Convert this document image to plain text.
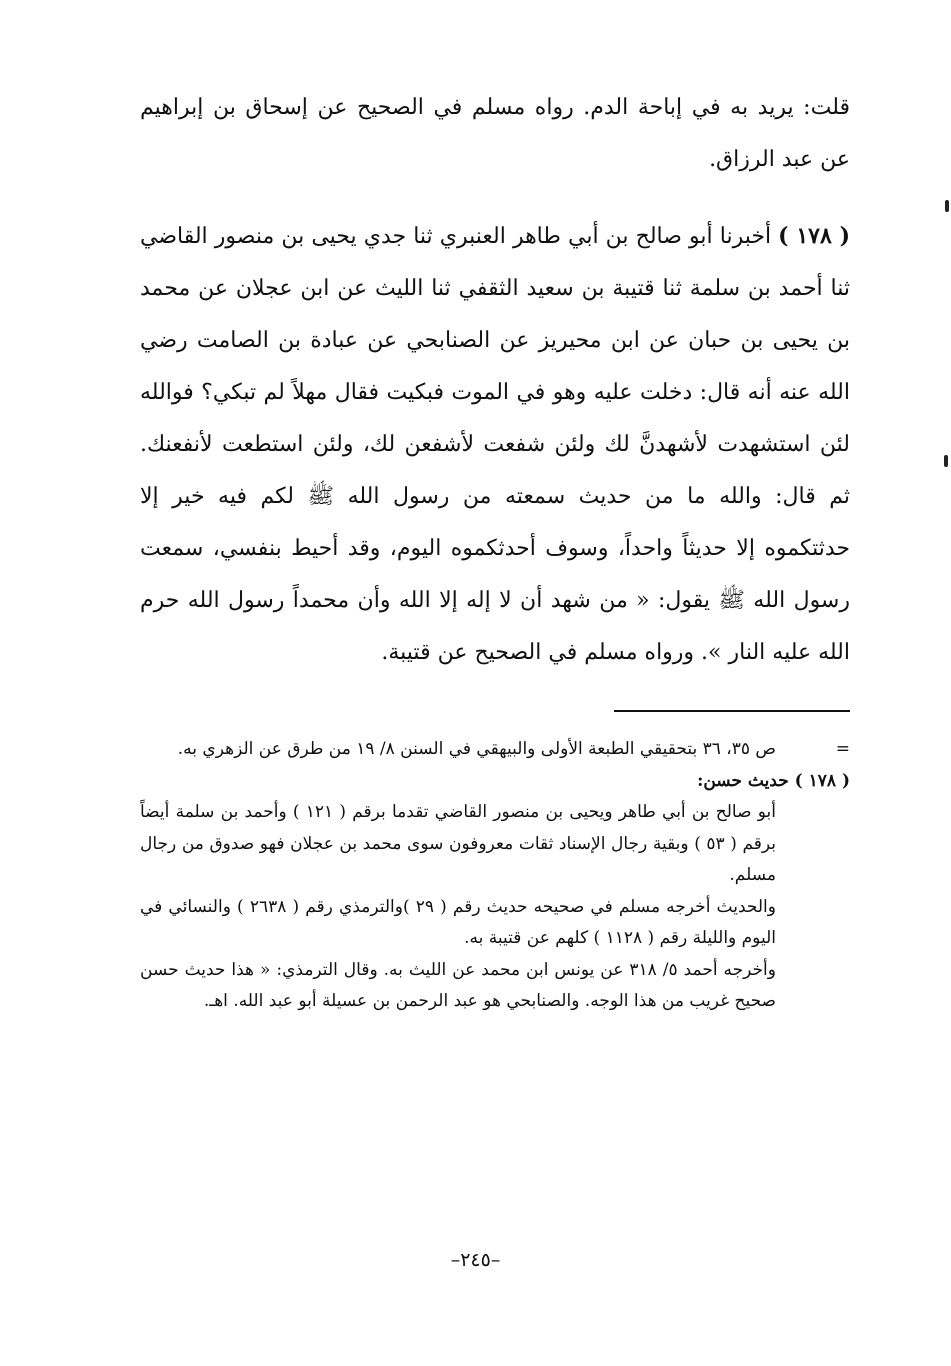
قلت: يريد به في إباحة الدم. رواه مسلم في الصحيح عن إسحاق بن إبراهيم عن عبد الرزاق.

( ١٧٨ ) أخبرنا أبو صالح بن أبي طاهر العنبري ثنا جدي يحيى بن منصور القاضي ثنا أحمد بن سلمة ثنا قتيبة بن سعيد الثقفي ثنا الليث عن ابن عجلان عن محمد بن يحيى بن حبان عن ابن محيريز عن الصنابحي عن عبادة بن الصامت رضي الله عنه أنه قال: دخلت عليه وهو في الموت فبكيت فقال مهلاً لم تبكي؟ فوالله لئن استشهدت لأشهدنَّ لك ولئن شفعت لأشفعن لك، ولئن استطعت لأنفعنك. ثم قال: والله ما من حديث سمعته من رسول الله ﷺ لكم فيه خير إلا حدثتكموه إلا حديثاً واحداً، وسوف أحدثكموه اليوم، وقد أحيط بنفسي، سمعت رسول الله ﷺ يقول: « من شهد أن لا إله إلا الله وأن محمداً رسول الله حرم الله عليه النار ». ورواه مسلم في الصحيح عن قتيبة.

=
ص ٣٥، ٣٦ بتحقيقي الطبعة الأولى والبيهقي في السنن ٨/ ١٩ من طرق عن الزهري به.

( ١٧٨ ) حديث حسن:

أبو صالح بن أبي طاهر ويحيى بن منصور القاضي تقدما برقم ( ١٢١ ) وأحمد بن سلمة أيضاً برقم ( ٥٣ ) وبقية رجال الإسناد ثقات معروفون سوى محمد بن عجلان فهو صدوق من رجال مسلم.

والحديث أخرجه مسلم في صحيحه حديث رقم ( ٢٩ )والترمذي رقم ( ٢٦٣٨ ) والنسائي في اليوم والليلة رقم ( ١١٢٨ ) كلهم عن قتيبة به.

وأخرجه أحمد ٥/ ٣١٨ عن يونس ابن محمد عن الليث به. وقال الترمذي: « هذا حديث حسن صحيح غريب من هذا الوجه. والصنابحي هو عبد الرحمن بن عسيلة أبو عبد الله. اهـ.

–٢٤٥–
